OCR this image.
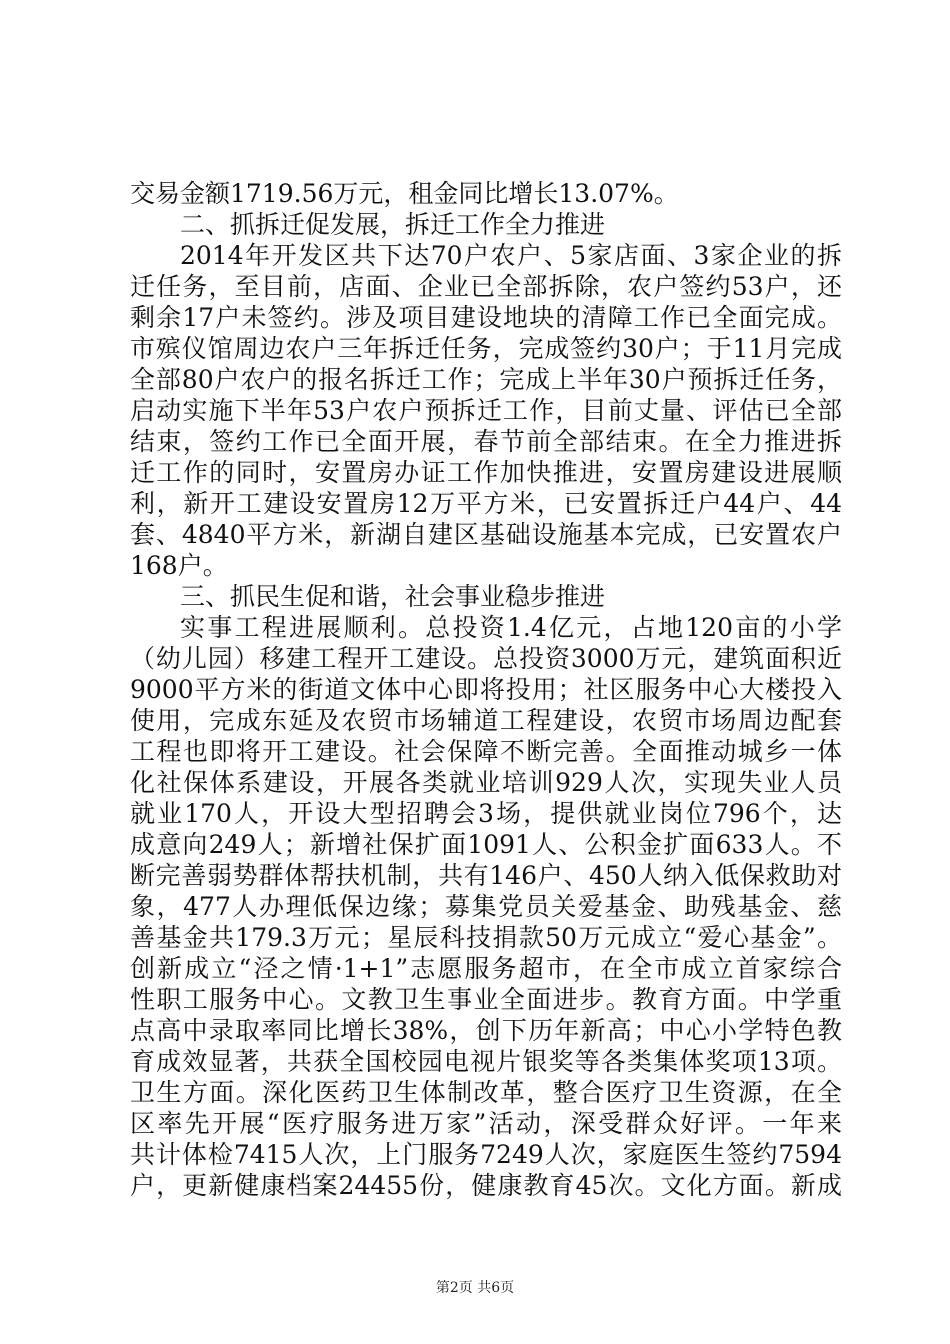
交易金额1719.56万元，租金同比增长13.07%。
二、抓拆迁促发展，拆迁工作全力推进
2014年开发区共下达70户农户、5家店面、3家企业的拆
迁任务，至目前，店面、企业已全部拆除，农户签约53户，还
剩余17户未签约。涉及项目建设地块的清障工作已全面完成。
市殡仪馆周边农户三年拆迁任务，完成签约30户；于11月完成
全部80户农户的报名拆迁工作；完成上半年30户预拆迁任务，
启动实施下半年53户农户预拆迁工作，目前丈量、评估已全部
结束，签约工作已全面开展，春节前全部结束。在全力推进拆
迁工作的同时，安置房办证工作加快推进，安置房建设进展顺
利，新开工建设安置房12万平方米，已安置拆迁户44户、44
套、4840平方米，新湖自建区基础设施基本完成，已安置农户
168户。
三、抓民生促和谐，社会事业稳步推进
实事工程进展顺利。总投资1.4亿元，占地120亩的小学
（幼儿园）移建工程开工建设。总投资3000万元，建筑面积近
9000平方米的街道文体中心即将投用；社区服务中心大楼投入
使用，完成东延及农贸市场辅道工程建设，农贸市场周边配套
工程也即将开工建设。社会保障不断完善。全面推动城乡一体
化社保体系建设，开展各类就业培训929人次，实现失业人员
就业170人，开设大型招聘会3场，提供就业岗位796个，达
成意向249人；新增社保扩面1091人、公积金扩面633人。不
断完善弱势群体帮扶机制，共有146户、450人纳入低保救助对
象，477人办理低保边缘；募集党员关爱基金、助残基金、慈
善基金共179.3万元；星辰科技捐款50万元成立“爱心基金”。
创新成立“泾之情·1+1”志愿服务超市，在全市成立首家综合
性职工服务中心。文教卫生事业全面进步。教育方面。中学重
点高中录取率同比增长38%，创下历年新高；中心小学特色教
育成效显著，共获全国校园电视片银奖等各类集体奖项13项。
卫生方面。深化医药卫生体制改革，整合医疗卫生资源，在全
区率先开展“医疗服务进万家”活动，深受群众好评。一年来
共计体检7415人次，上门服务7249人次，家庭医生签约7594
户，更新健康档案24455份，健康教育45次。文化方面。新成
第2页 共6页
